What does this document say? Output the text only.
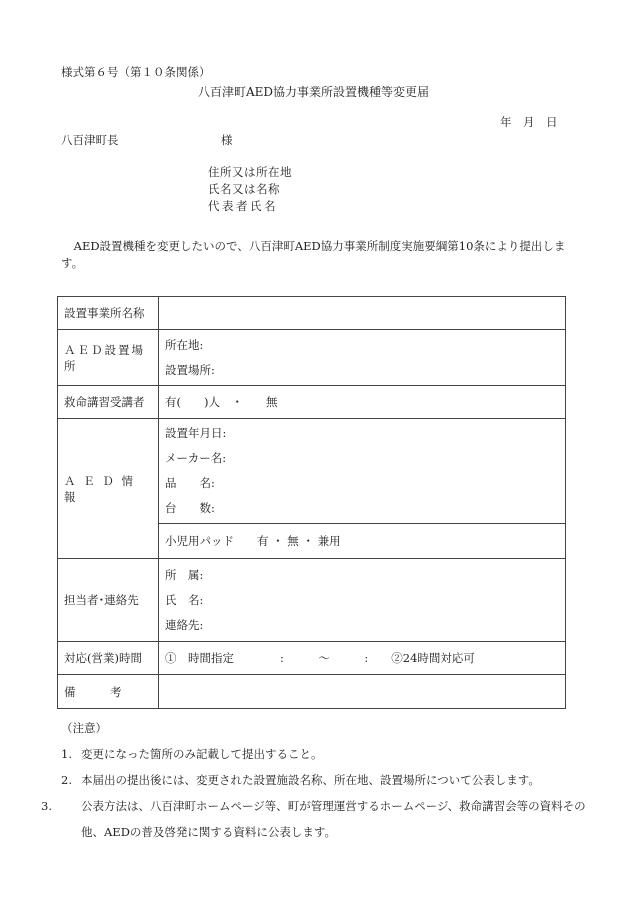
様式第６号（第１０条関係）
八百津町AED協力事業所設置機種等変更届
年　月　日
八百津町長	様
住所又は所在地
氏名又は名称
代表者氏名
AED設置機種を変更したいので、八百津町AED協力事業所制度実施要綱第10条により提出します。
設置事業所名称	
ＡＥＤ設置場所	所在地:
設置場所:

救命講習受講者	有(　　)人　・　　無
Ａ Ｅ Ｄ 情　報	設置年月日:
メーカー名:
品　　名:
台　　数:

	小児用パッド　　有 ・ 無 ・ 兼用
担当者･連絡先	所　属:
氏　名:
連絡先:

対応(営業)時間	①　時間指定　　　　:　　　～　　　:　　②24時間対応可
備　　　考	
（注意）
1. 変更になった箇所のみ記載して提出すること。
2. 本届出の提出後には、変更された設置施設名称、所在地、設置場所について公表します。
3.	公表方法は、八百津町ホームページ等、町が管理運営するホームページ、救命講習会等の資料その他、AEDの普及啓発に関する資料に公表します。
